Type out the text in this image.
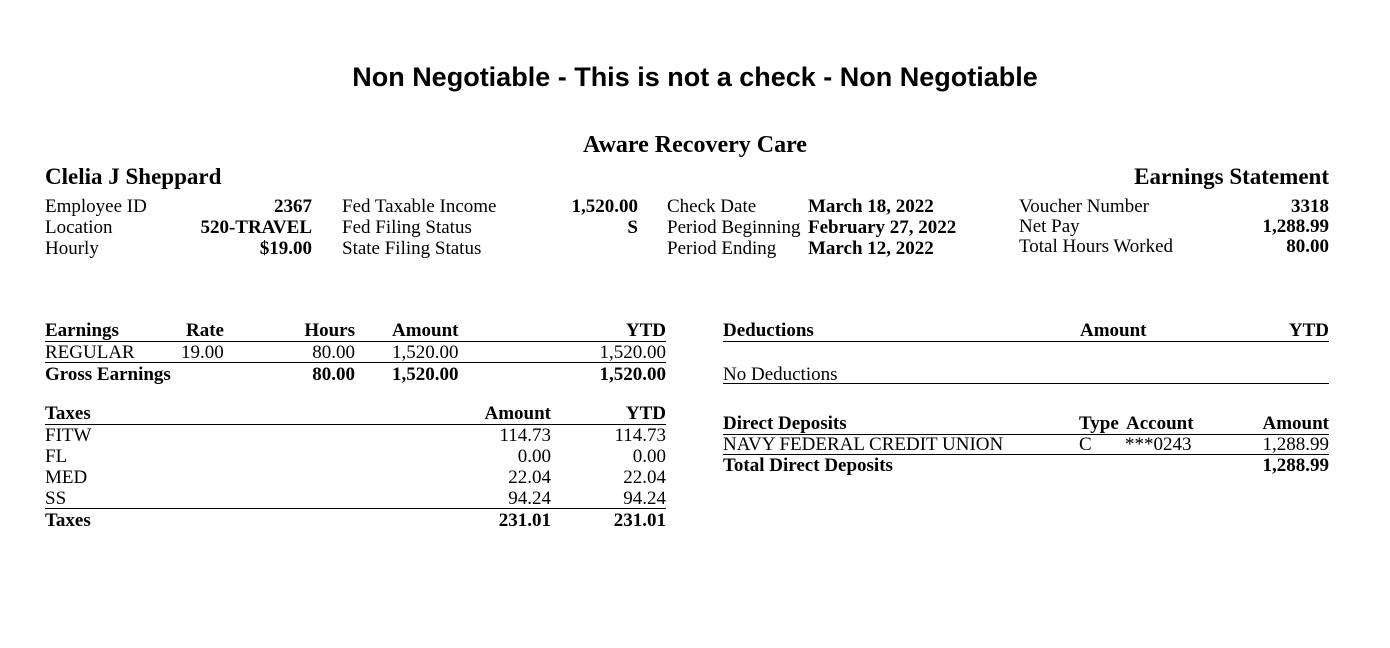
Non Negotiable - This is not a check - Non Negotiable
Aware Recovery Care
Clelia J Sheppard	Earnings Statement
Employee ID	2367
Location	520-TRAVEL
Hourly	$19.00
Fed Taxable Income	1,520.00
Fed Filing Status	S
State Filing Status
Check Date	March 18, 2022
Period Beginning February 27, 2022
Period Ending March 12, 2022
Voucher Number	3318
Net Pay	1,288.99
Total Hours Worked	80.00
Earnings	Rate	Hours Amount	YTD
REGULAR 19.00	80.00 1,520.00	1,520.00
Gross Earnings	80.00 1,520.00	1,520.00
Taxes	Amount	YTD
FITW	114.73	114.73
FL	0.00	0.00
MED	22.04	22.04
SS	94.24	94.24
Taxes	231.01	231.01
Deductions	Amount	YTD
No Deductions
Direct Deposits	Type Account	Amount
NAVY FEDERAL CREDIT UNION	C ***0243	1,288.99
Total Direct Deposits	1,288.99
